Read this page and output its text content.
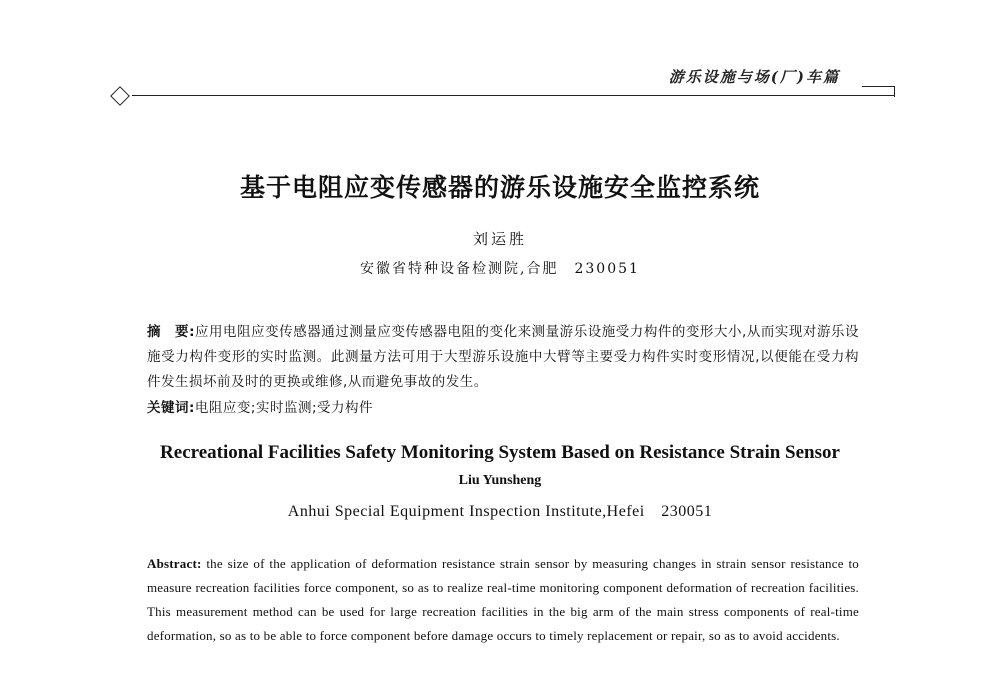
游乐设施与场(厂)车篇
基于电阻应变传感器的游乐设施安全监控系统
刘运胜
安徽省特种设备检测院,合肥　230051
摘　要:应用电阻应变传感器通过测量应变传感器电阻的变化来测量游乐设施受力构件的变形大小,从而实现对游乐设施受力构件变形的实时监测。此测量方法可用于大型游乐设施中大臂等主要受力构件实时变形情况,以便能在受力构件发生损坏前及时的更换或维修,从而避免事故的发生。
关键词:电阻应变;实时监测;受力构件
Recreational Facilities Safety Monitoring System Based on Resistance Strain Sensor
Liu Yunsheng
Anhui Special Equipment Inspection Institute,Hefei　230051
Abstract: the size of the application of deformation resistance strain sensor by measuring changes in strain sensor resistance to measure recreation facilities force component, so as to realize real-time monitoring component deformation of recreation facilities. This measurement method can be used for large recreation facilities in the big arm of the main stress components of real-time deformation, so as to be able to force component before damage occurs to timely replacement or repair, so as to avoid accidents.
